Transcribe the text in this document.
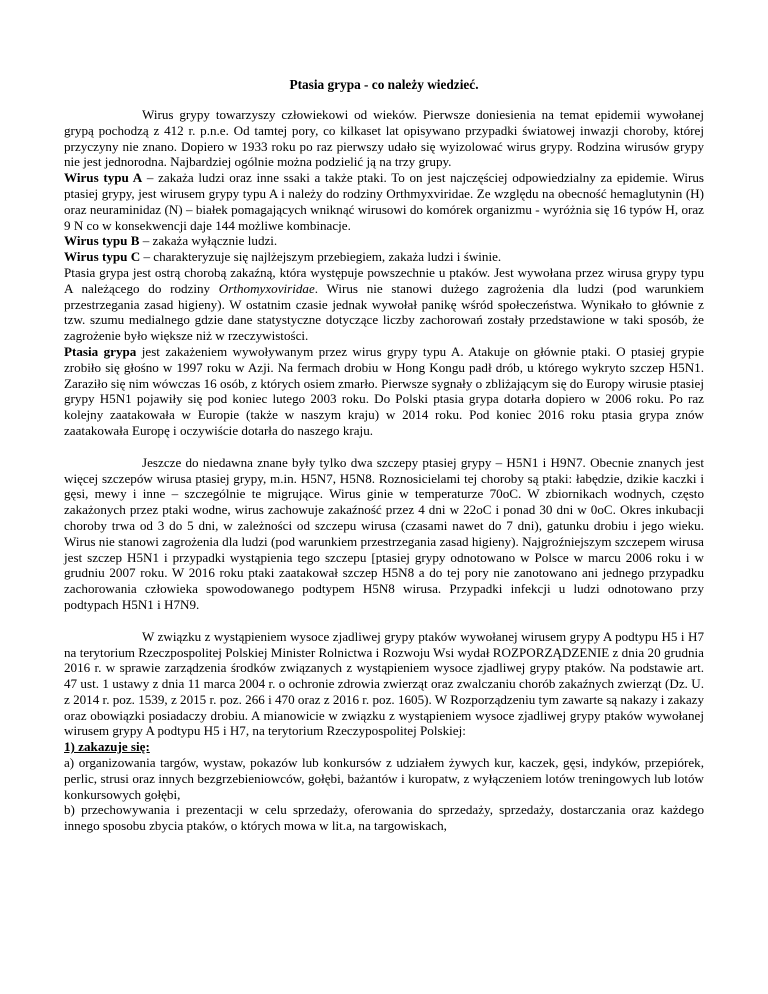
Ptasia grypa - co należy wiedzieć.

Wirus grypy towarzyszy człowiekowi od wieków. Pierwsze doniesienia na temat epidemii wywołanej grypą pochodzą z 412 r. p.n.e. Od tamtej pory, co kilkaset lat opisywano przypadki światowej inwazji choroby, której przyczyny nie znano. Dopiero w 1933 roku po raz pierwszy udało się wyizolować wirus grypy. Rodzina wirusów grypy nie jest jednorodna. Najbardziej ogólnie można podzielić ją na trzy grupy.

Wirus typu A – zakaża ludzi oraz inne ssaki a także ptaki. To on jest najczęściej odpowiedzialny za epidemie. Wirus ptasiej grypy, jest wirusem grypy typu A i należy do rodziny Orthmyxviridae. Ze względu na obecność hemaglutynin (H) oraz neuraminidaz (N) – białek pomagających wniknąć wirusowi do komórek organizmu - wyróżnia się 16 typów H, oraz 9 N co w konsekwencji daje 144 możliwe kombinacje.

Wirus typu B – zakaża wyłącznie ludzi.

Wirus typu C – charakteryzuje się najlżejszym przebiegiem, zakaża ludzi i świnie.

Ptasia grypa jest ostrą chorobą zakaźną, która występuje powszechnie u ptaków. Jest wywołana przez wirusa grypy typu A należącego do rodziny Orthomyxoviridae. Wirus nie stanowi dużego zagrożenia dla ludzi (pod warunkiem przestrzegania zasad higieny). W ostatnim czasie jednak wywołał panikę wśród społeczeństwa. Wynikało to głównie z tzw. szumu medialnego gdzie dane statystyczne dotyczące liczby zachorowań zostały przedstawione w taki sposób, że zagrożenie było większe niż w rzeczywistości.

Ptasia grypa jest zakażeniem wywoływanym przez wirus grypy typu A. Atakuje on głównie ptaki. O ptasiej grypie zrobiło się głośno w 1997 roku w Azji. Na fermach drobiu w Hong Kongu padł drób, u którego wykryto szczep H5N1. Zaraziło się nim wówczas 16 osób, z których osiem zmarło. Pierwsze sygnały o zbliżającym się do Europy wirusie ptasiej grypy H5N1 pojawiły się pod koniec lutego 2003 roku. Do Polski ptasia grypa dotarła dopiero w 2006 roku. Po raz kolejny zaatakowała w Europie (także w naszym kraju) w 2014 roku. Pod koniec 2016 roku ptasia grypa znów zaatakowała Europę i oczywiście dotarła do naszego kraju.

Jeszcze do niedawna znane były tylko dwa szczepy ptasiej grypy – H5N1 i H9N7. Obecnie znanych jest więcej szczepów wirusa ptasiej grypy, m.in. H5N7, H5N8. Roznosicielami tej choroby są ptaki: łabędzie, dzikie kaczki i gęsi, mewy i inne – szczególnie te migrujące. Wirus ginie w temperaturze 70oC. W zbiornikach wodnych, często zakażonych przez ptaki wodne, wirus zachowuje zakaźność przez 4 dni w 22oC i ponad 30 dni w 0oC. Okres inkubacji choroby trwa od 3 do 5 dni, w zależności od szczepu wirusa (czasami nawet do 7 dni), gatunku drobiu i jego wieku. Wirus nie stanowi zagrożenia dla ludzi (pod warunkiem przestrzegania zasad higieny). Najgroźniejszym szczepem wirusa jest szczep H5N1 i przypadki wystąpienia tego szczepu [ptasiej grypy odnotowano w Polsce w marcu 2006 roku i w grudniu 2007 roku. W 2016 roku ptaki zaatakował szczep H5N8 a do tej pory nie zanotowano ani jednego przypadku zachorowania człowieka spowodowanego podtypem H5N8 wirusa. Przypadki infekcji u ludzi odnotowano przy podtypach H5N1 i H7N9.

W związku z wystąpieniem wysoce zjadliwej grypy ptaków wywołanej wirusem grypy A podtypu H5 i H7 na terytorium Rzeczpospolitej Polskiej Minister Rolnictwa i Rozwoju Wsi wydał ROZPORZĄDZENIE z dnia 20 grudnia 2016 r. w sprawie zarządzenia środków związanych z wystąpieniem wysoce zjadliwej grypy ptaków. Na podstawie art. 47 ust. 1 ustawy z dnia 11 marca 2004 r. o ochronie zdrowia zwierząt oraz zwalczaniu chorób zakaźnych zwierząt (Dz. U. z 2014 r. poz. 1539, z 2015 r. poz. 266 i 470 oraz z 2016 r. poz. 1605). W Rozporządzeniu tym zawarte są nakazy i zakazy oraz obowiązki posiadaczy drobiu. A mianowicie w związku z wystąpieniem wysoce zjadliwej grypy ptaków wywołanej wirusem grypy A podtypu H5 i H7, na terytorium Rzeczypospolitej Polskiej:

1) zakazuje się:

a) organizowania targów, wystaw, pokazów lub konkursów z udziałem żywych kur, kaczek, gęsi, indyków, przepiórek, perlic, strusi oraz innych bezgrzebieniowców, gołębi, bażantów i kuropatw, z wyłączeniem lotów treningowych lub lotów konkursowych gołębi,

b) przechowywania i prezentacji w celu sprzedaży, oferowania do sprzedaży, sprzedaży, dostarczania oraz każdego innego sposobu zbycia ptaków, o których mowa w lit.a, na targowiskach,
